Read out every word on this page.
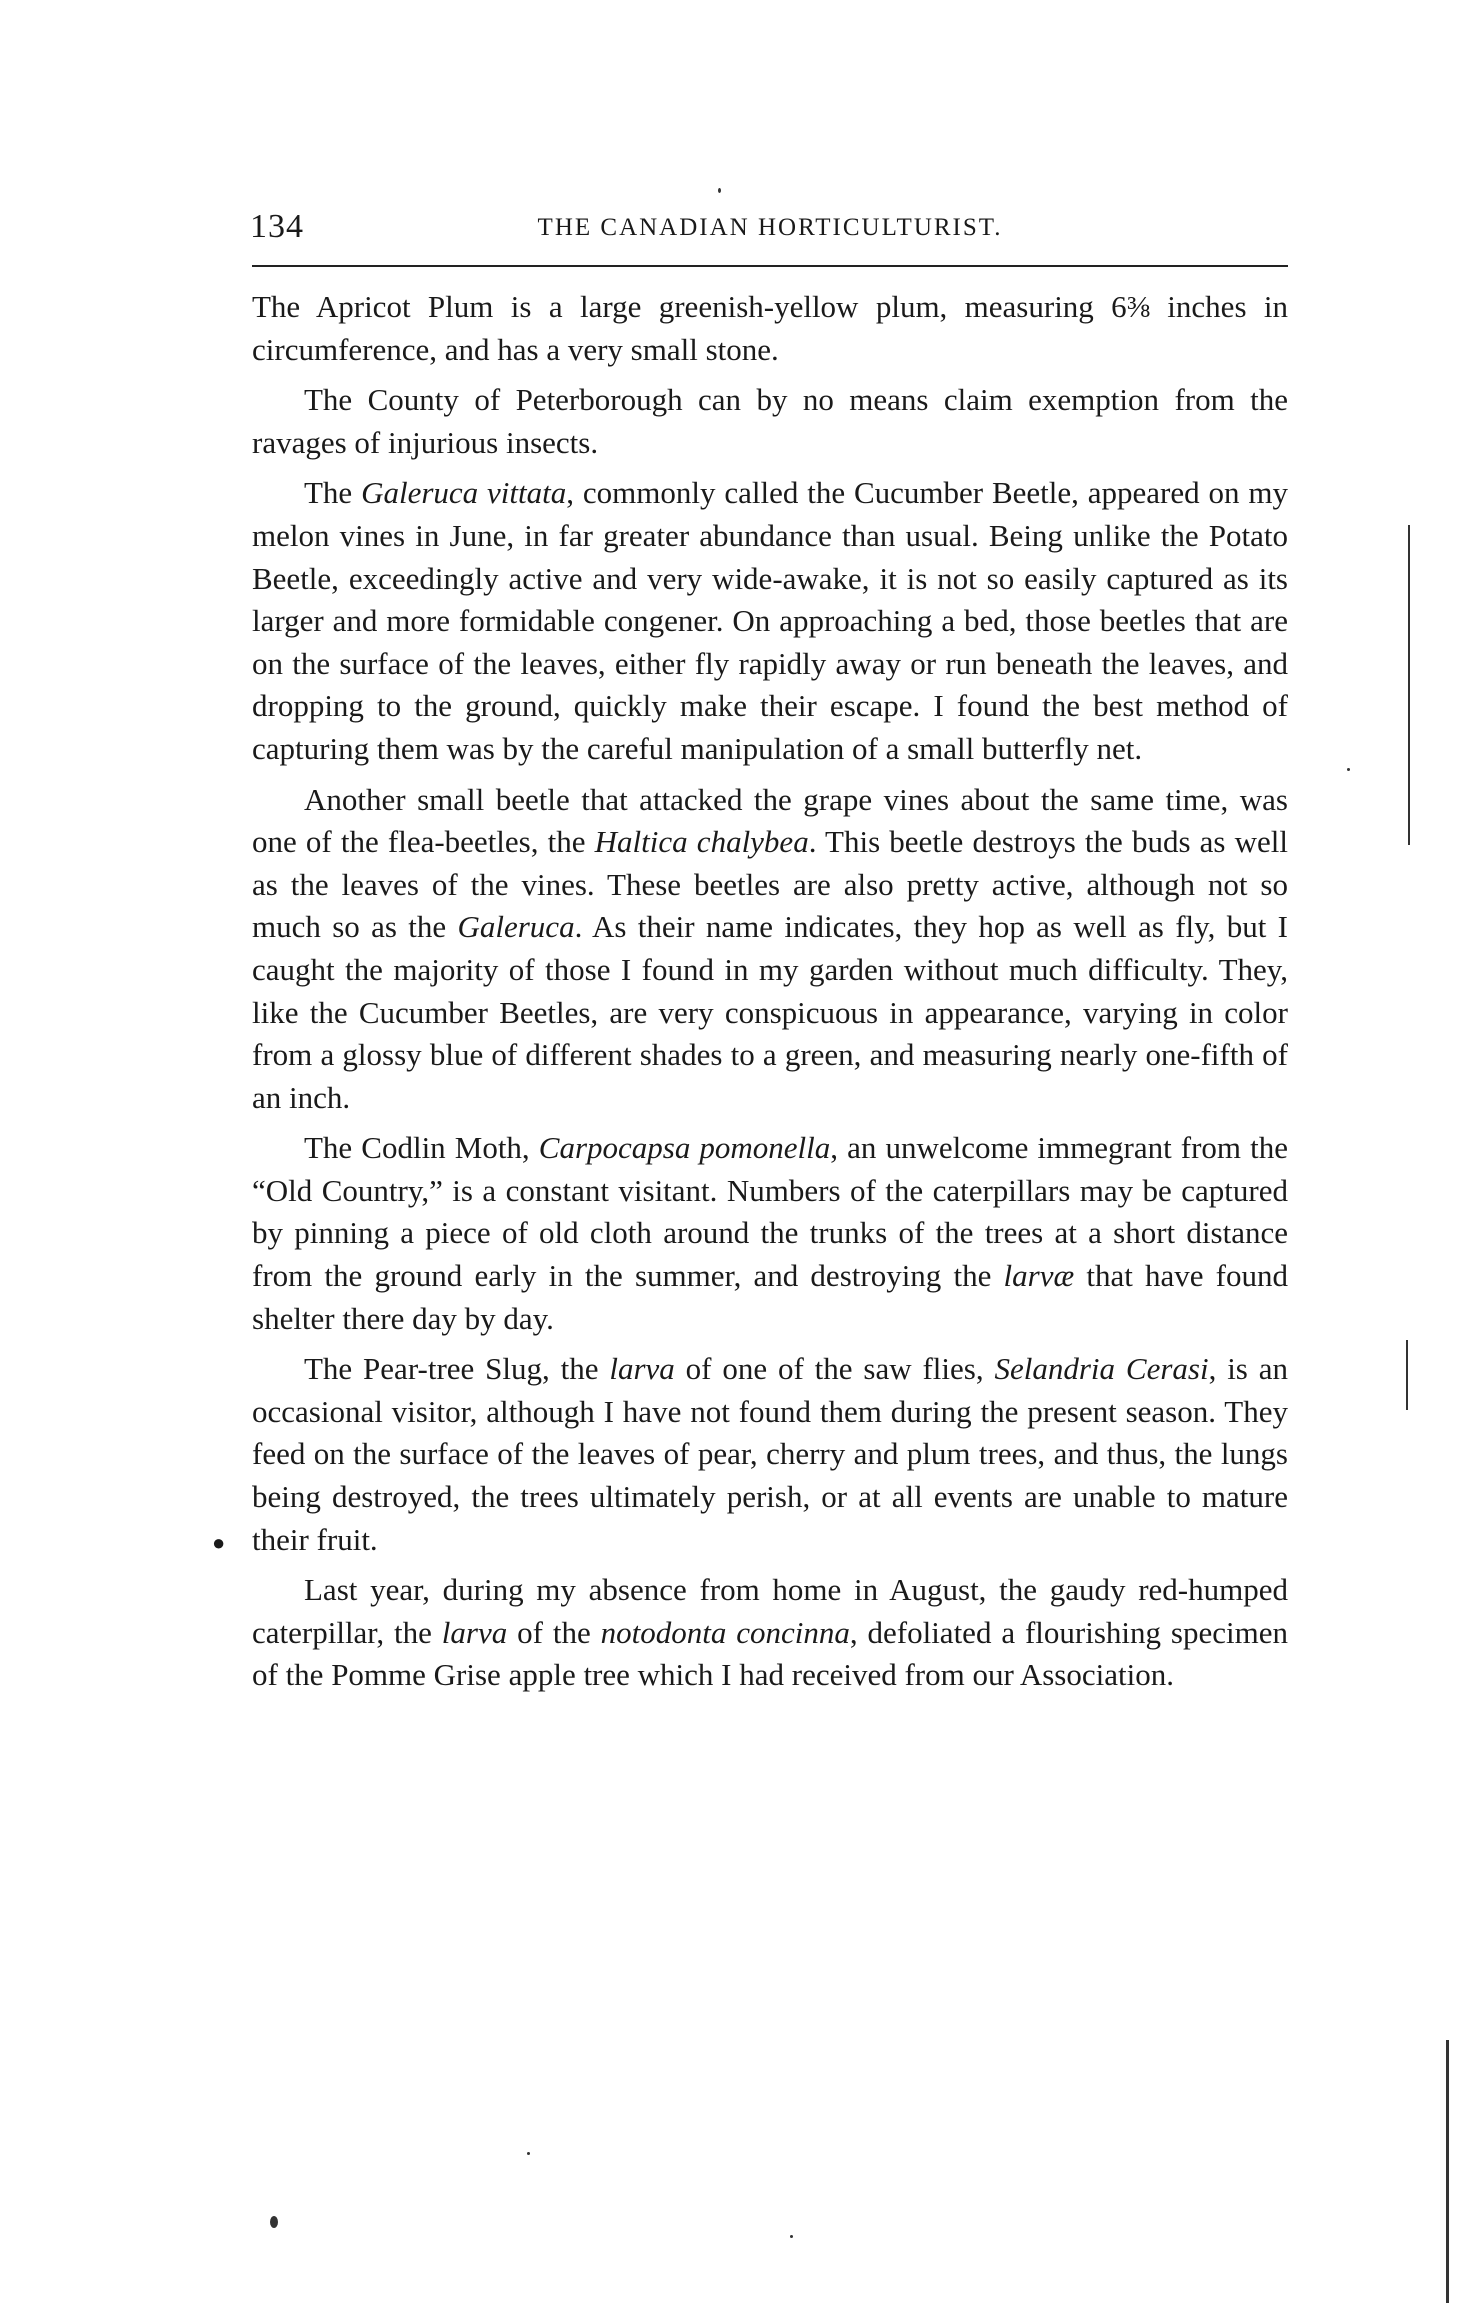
134	THE CANADIAN HORTICULTURIST.

The Apricot Plum is a large greenish-yellow plum, measuring 6⅜ inches in circumference, and has a very small stone.

The County of Peterborough can by no means claim exemption from the ravages of injurious insects.

The Galeruca vittata, commonly called the Cucumber Beetle, appeared on my melon vines in June, in far greater abundance than usual. Being unlike the Potato Beetle, exceedingly active and very wide-awake, it is not so easily captured as its larger and more formidable congener. On approaching a bed, those beetles that are on the surface of the leaves, either fly rapidly away or run beneath the leaves, and dropping to the ground, quickly make their escape. I found the best method of capturing them was by the careful manipulation of a small butterfly net.

Another small beetle that attacked the grape vines about the same time, was one of the flea-beetles, the Haltica chalybea. This beetle destroys the buds as well as the leaves of the vines. These beetles are also pretty active, although not so much so as the Galeruca. As their name indicates, they hop as well as fly, but I caught the majority of those I found in my garden without much difficulty. They, like the Cucumber Beetles, are very conspicuous in appearance, varying in color from a glossy blue of different shades to a green, and measuring nearly one-fifth of an inch.

The Codlin Moth, Carpocapsa pomonella, an unwelcome immegrant from the “Old Country,” is a constant visitant. Numbers of the caterpillars may be captured by pinning a piece of old cloth around the trunks of the trees at a short distance from the ground early in the summer, and destroying the larvæ that have found shelter there day by day.

The Pear-tree Slug, the larva of one of the saw flies, Selandria Cerasi, is an occasional visitor, although I have not found them during the present season. They feed on the surface of the leaves of pear, cherry and plum trees, and thus, the lungs being destroyed, the trees ultimately perish, or at all events are unable to mature their fruit.

Last year, during my absence from home in August, the gaudy red-humped caterpillar, the larva of the notodonta concinna, defoliated a flourishing specimen of the Pomme Grise apple tree which I had received from our Association.

●
